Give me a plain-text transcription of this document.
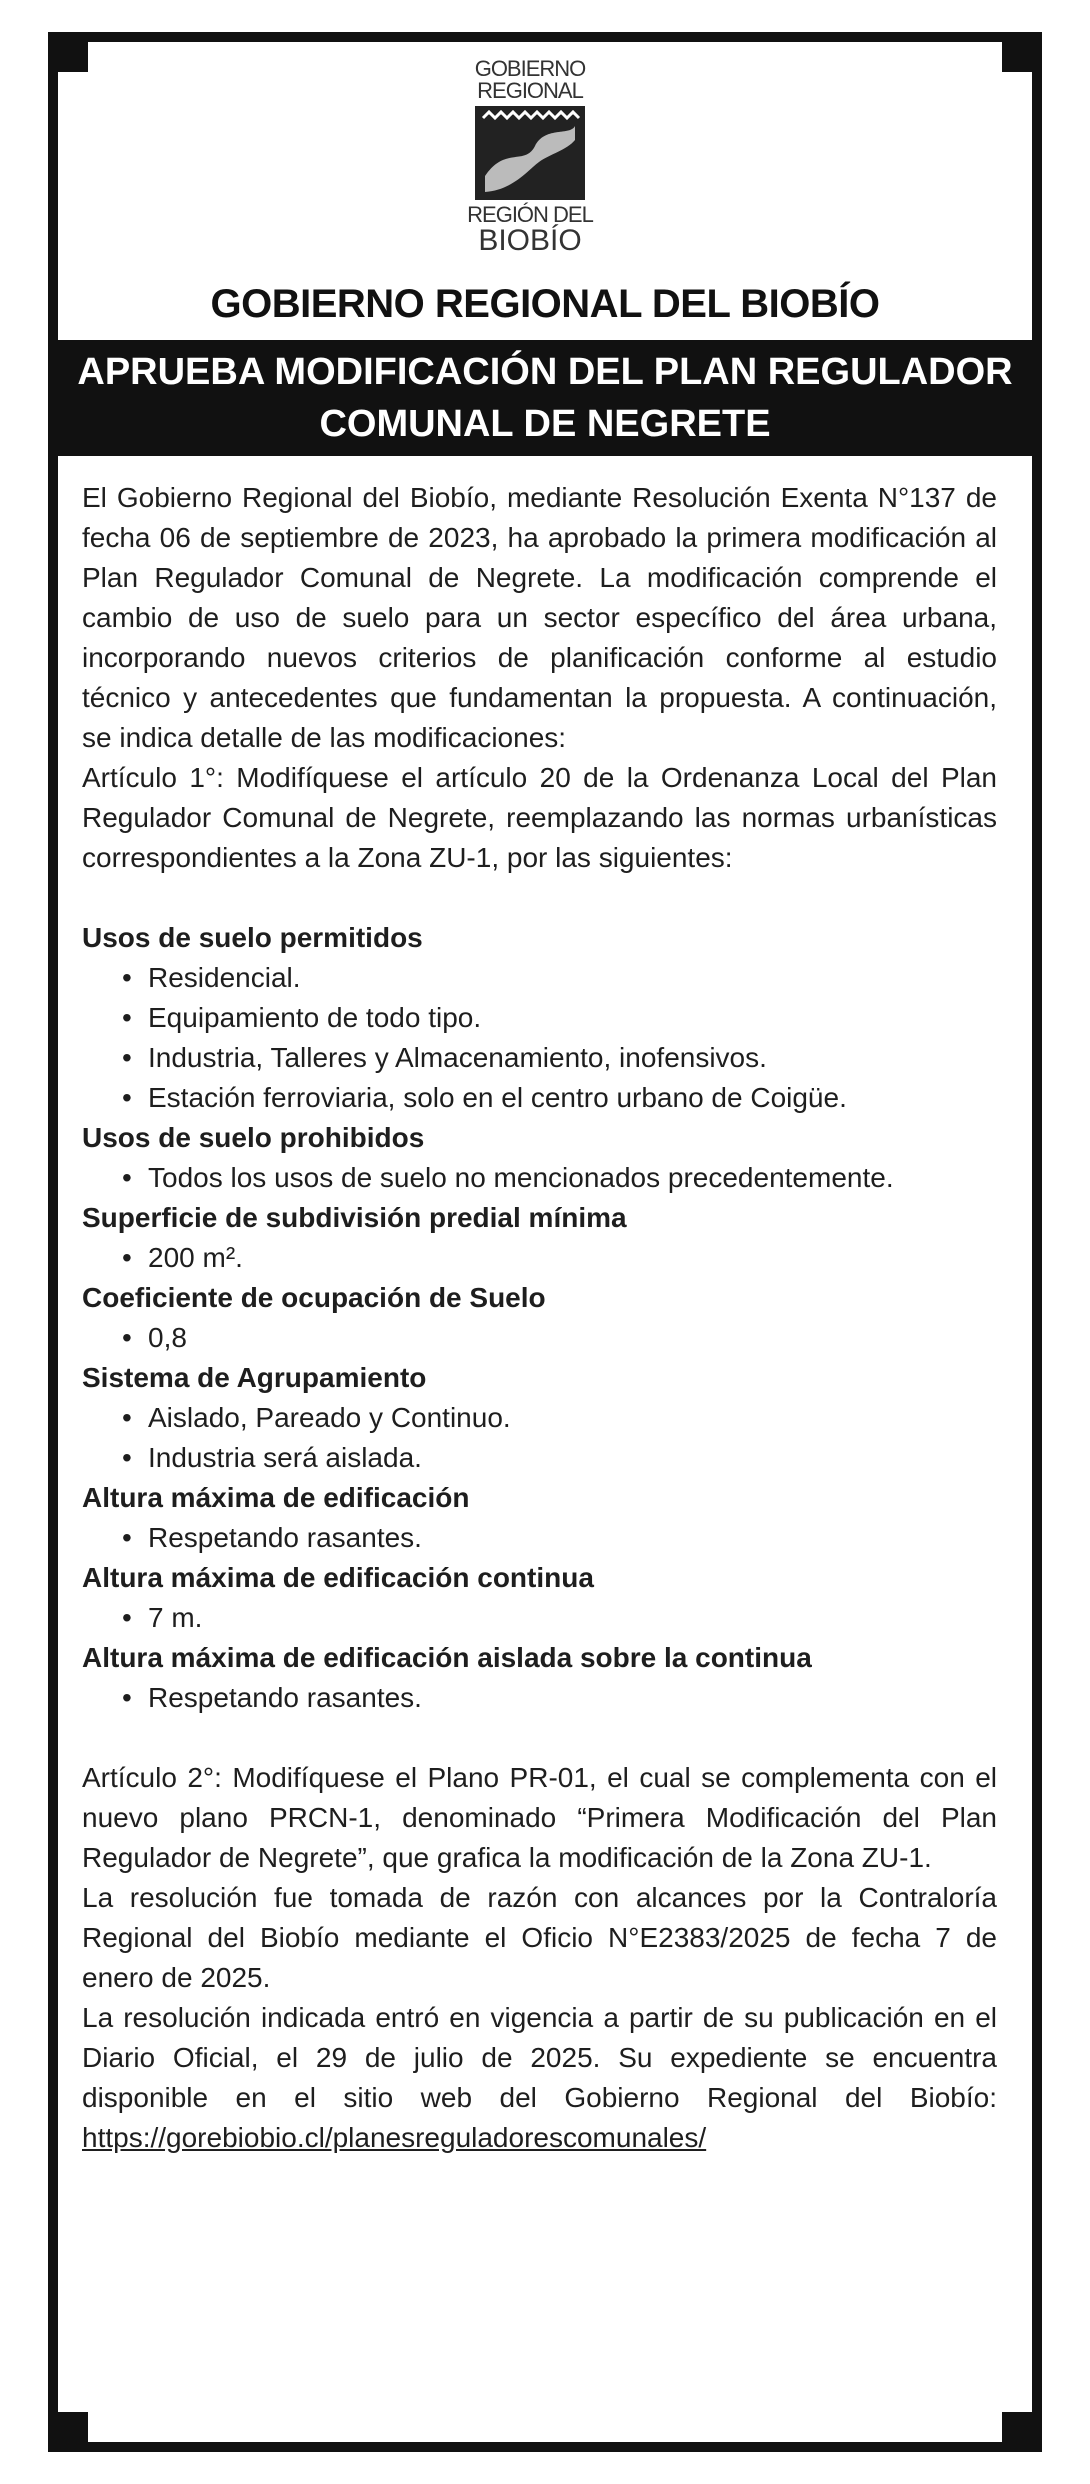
GOBIERNO
REGIONAL
REGIÓN DEL
BIOBÍO
GOBIERNO REGIONAL DEL BIOBÍO
APRUEBA MODIFICACIÓN DEL PLAN REGULADOR
COMUNAL DE NEGRETE

El Gobierno Regional del Biobío, mediante Resolución Exenta N°137 de fecha 06 de septiembre de 2023, ha aprobado la primera modificación al Plan Regulador Comunal de Negrete. La modificación comprende el cambio de uso de suelo para un sector específico del área urbana, incorporando nuevos criterios de planificación conforme al estudio técnico y antecedentes que fundamentan la propuesta. A continuación, se indica detalle de las modificaciones:

Artículo 1°: Modifíquese el artículo 20 de la Ordenanza Local del Plan Regulador Comunal de Negrete, reemplazando las normas urbanísticas correspondientes a la Zona ZU-1, por las siguientes:

Usos de suelo permitidos

• Residencial.
• Equipamiento de todo tipo.
• Industria, Talleres y Almacenamiento, inofensivos.
• Estación ferroviaria, solo en el centro urbano de Coigüe.

Usos de suelo prohibidos

• Todos los usos de suelo no mencionados precedentemente.

Superficie de subdivisión predial mínima

• 200 m².

Coeficiente de ocupación de Suelo

• 0,8

Sistema de Agrupamiento

• Aislado, Pareado y Continuo.
• Industria será aislada.

Altura máxima de edificación

• Respetando rasantes.

Altura máxima de edificación continua

• 7 m.

Altura máxima de edificación aislada sobre la continua

• Respetando rasantes.

Artículo 2°: Modifíquese el Plano PR-01, el cual se complementa con el nuevo plano PRCN-1, denominado “Primera Modificación del Plan Regulador de Negrete”, que grafica la modificación de la Zona ZU-1.

La resolución fue tomada de razón con alcances por la Contraloría Regional del Biobío mediante el Oficio N°E2383/2025 de fecha 7 de enero de 2025.

La resolución indicada entró en vigencia a partir de su publicación en el Diario Oficial, el 29 de julio de 2025. Su expediente se encuentra disponible en el sitio web del Gobierno Regional del Biobío: https://gorebiobio.cl/planesreguladorescomunales/
